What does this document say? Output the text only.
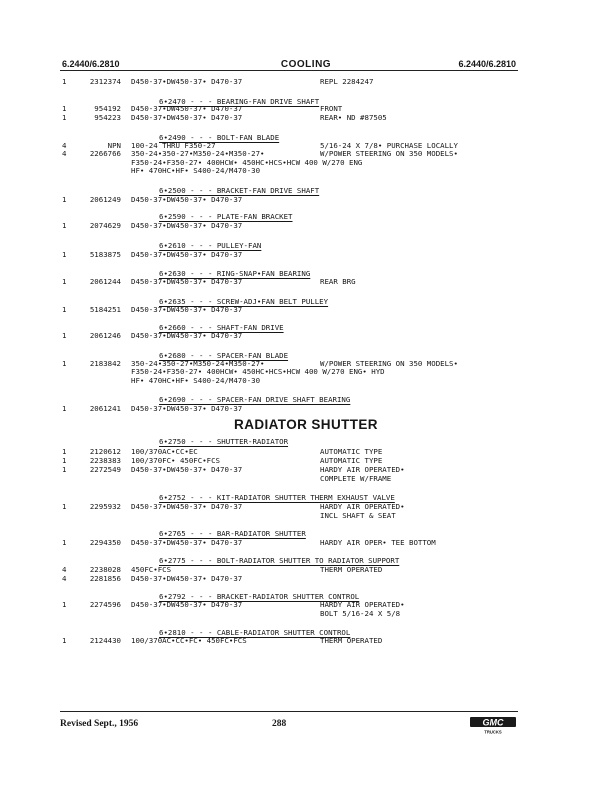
6.2440/6.2810	COOLING	6.2440/6.2810
1	2312374 D450-37•DW450-37• D470-37	REPL 2284247
6•2470 - - - BEARING-FAN DRIVE SHAFT
1	954192 D450-37•DW450-37• D470-37	FRONT
1	954223 D450-37•DW450-37• D470-37	REAR• ND #87505
6•2490 - - - BOLT-FAN BLADE
4	NPN 100-24 THRU F350-27	5/16-24 X 7/8• PURCHASE LOCALLY
4	2266766 350-24•350-27•M350-24•M350-27•	W/POWER STEERING ON 350 MODELS•
F350-24•F350-27• 400HCW• 450HC•HCS•HCW 400 W/270 ENG
HF• 470HC•HF• S400-24/M470-30
6•2500 - - - BRACKET-FAN DRIVE SHAFT
1	2061249 D450-37•DW450-37• D470-37
6•2590 - - - PLATE-FAN BRACKET
1	2074629 D450-37•DW450-37• D470-37
6•2610 - - - PULLEY-FAN
1	5183875 D450-37•DW450-37• D470-37
6•2630 - - - RING-SNAP•FAN BEARING
1	2061244 D450-37•DW450-37• D470-37	REAR BRG
6•2635 - - - SCREW-ADJ•FAN BELT PULLEY
1	5184251 D450-37•DW450-37• D470-37
6•2660 - - - SHAFT-FAN DRIVE
1	2061246 D450-37•DW450-37• D470-37
6•2680 - - - SPACER-FAN BLADE
1	2183842 350-24•350-27•M350-24•M350-27•	W/POWER STEERING ON 350 MODELS•
F350-24•F350-27• 400HCW• 450HC•HCS•HCW 400 W/270 ENG• HYD
HF• 470HC•HF• S400-24/M470-30
6•2690 - - - SPACER-FAN DRIVE SHAFT BEARING
1	2061241 D450-37•DW450-37• D470-37
6•2750 - - - SHUTTER-RADIATOR
1	2120612 100/370AC•CC•EC	AUTOMATIC TYPE
1	2238383 100/370FC• 450FC•FCS	AUTOMATIC TYPE
1	2272549 D450-37•DW450-37• D470-37	HARDY AIR OPERATED•
COMPLETE W/FRAME
6•2752 - - - KIT-RADIATOR SHUTTER THERM EXHAUST VALVE
1	2295932 D450-37•DW450-37• D470-37	HARDY AIR OPERATED•
INCL SHAFT & SEAT
6•2765 - - - BAR-RADIATOR SHUTTER
1	2294350 D450-37•DW450-37• D470-37	HARDY AIR OPER• TEE BOTTOM
6•2775 - - - BOLT-RADIATOR SHUTTER TO RADIATOR SUPPORT
4	2238028 450FC•FCS	THERM OPERATED
4	2281856 D450-37•DW450-37• D470-37
6•2792 - - - BRACKET-RADIATOR SHUTTER CONTROL
1	2274596 D450-37•DW450-37• D470-37	HARDY AIR OPERATED•
BOLT 5/16-24 X 5/8
6•2810 - - - CABLE-RADIATOR SHUTTER CONTROL
1	2124430 100/370AC•CC•FC• 450FC•FCS	THERM OPERATED
RADIATOR SHUTTER
Revised Sept., 1956	288	GMC
TRUCKS
